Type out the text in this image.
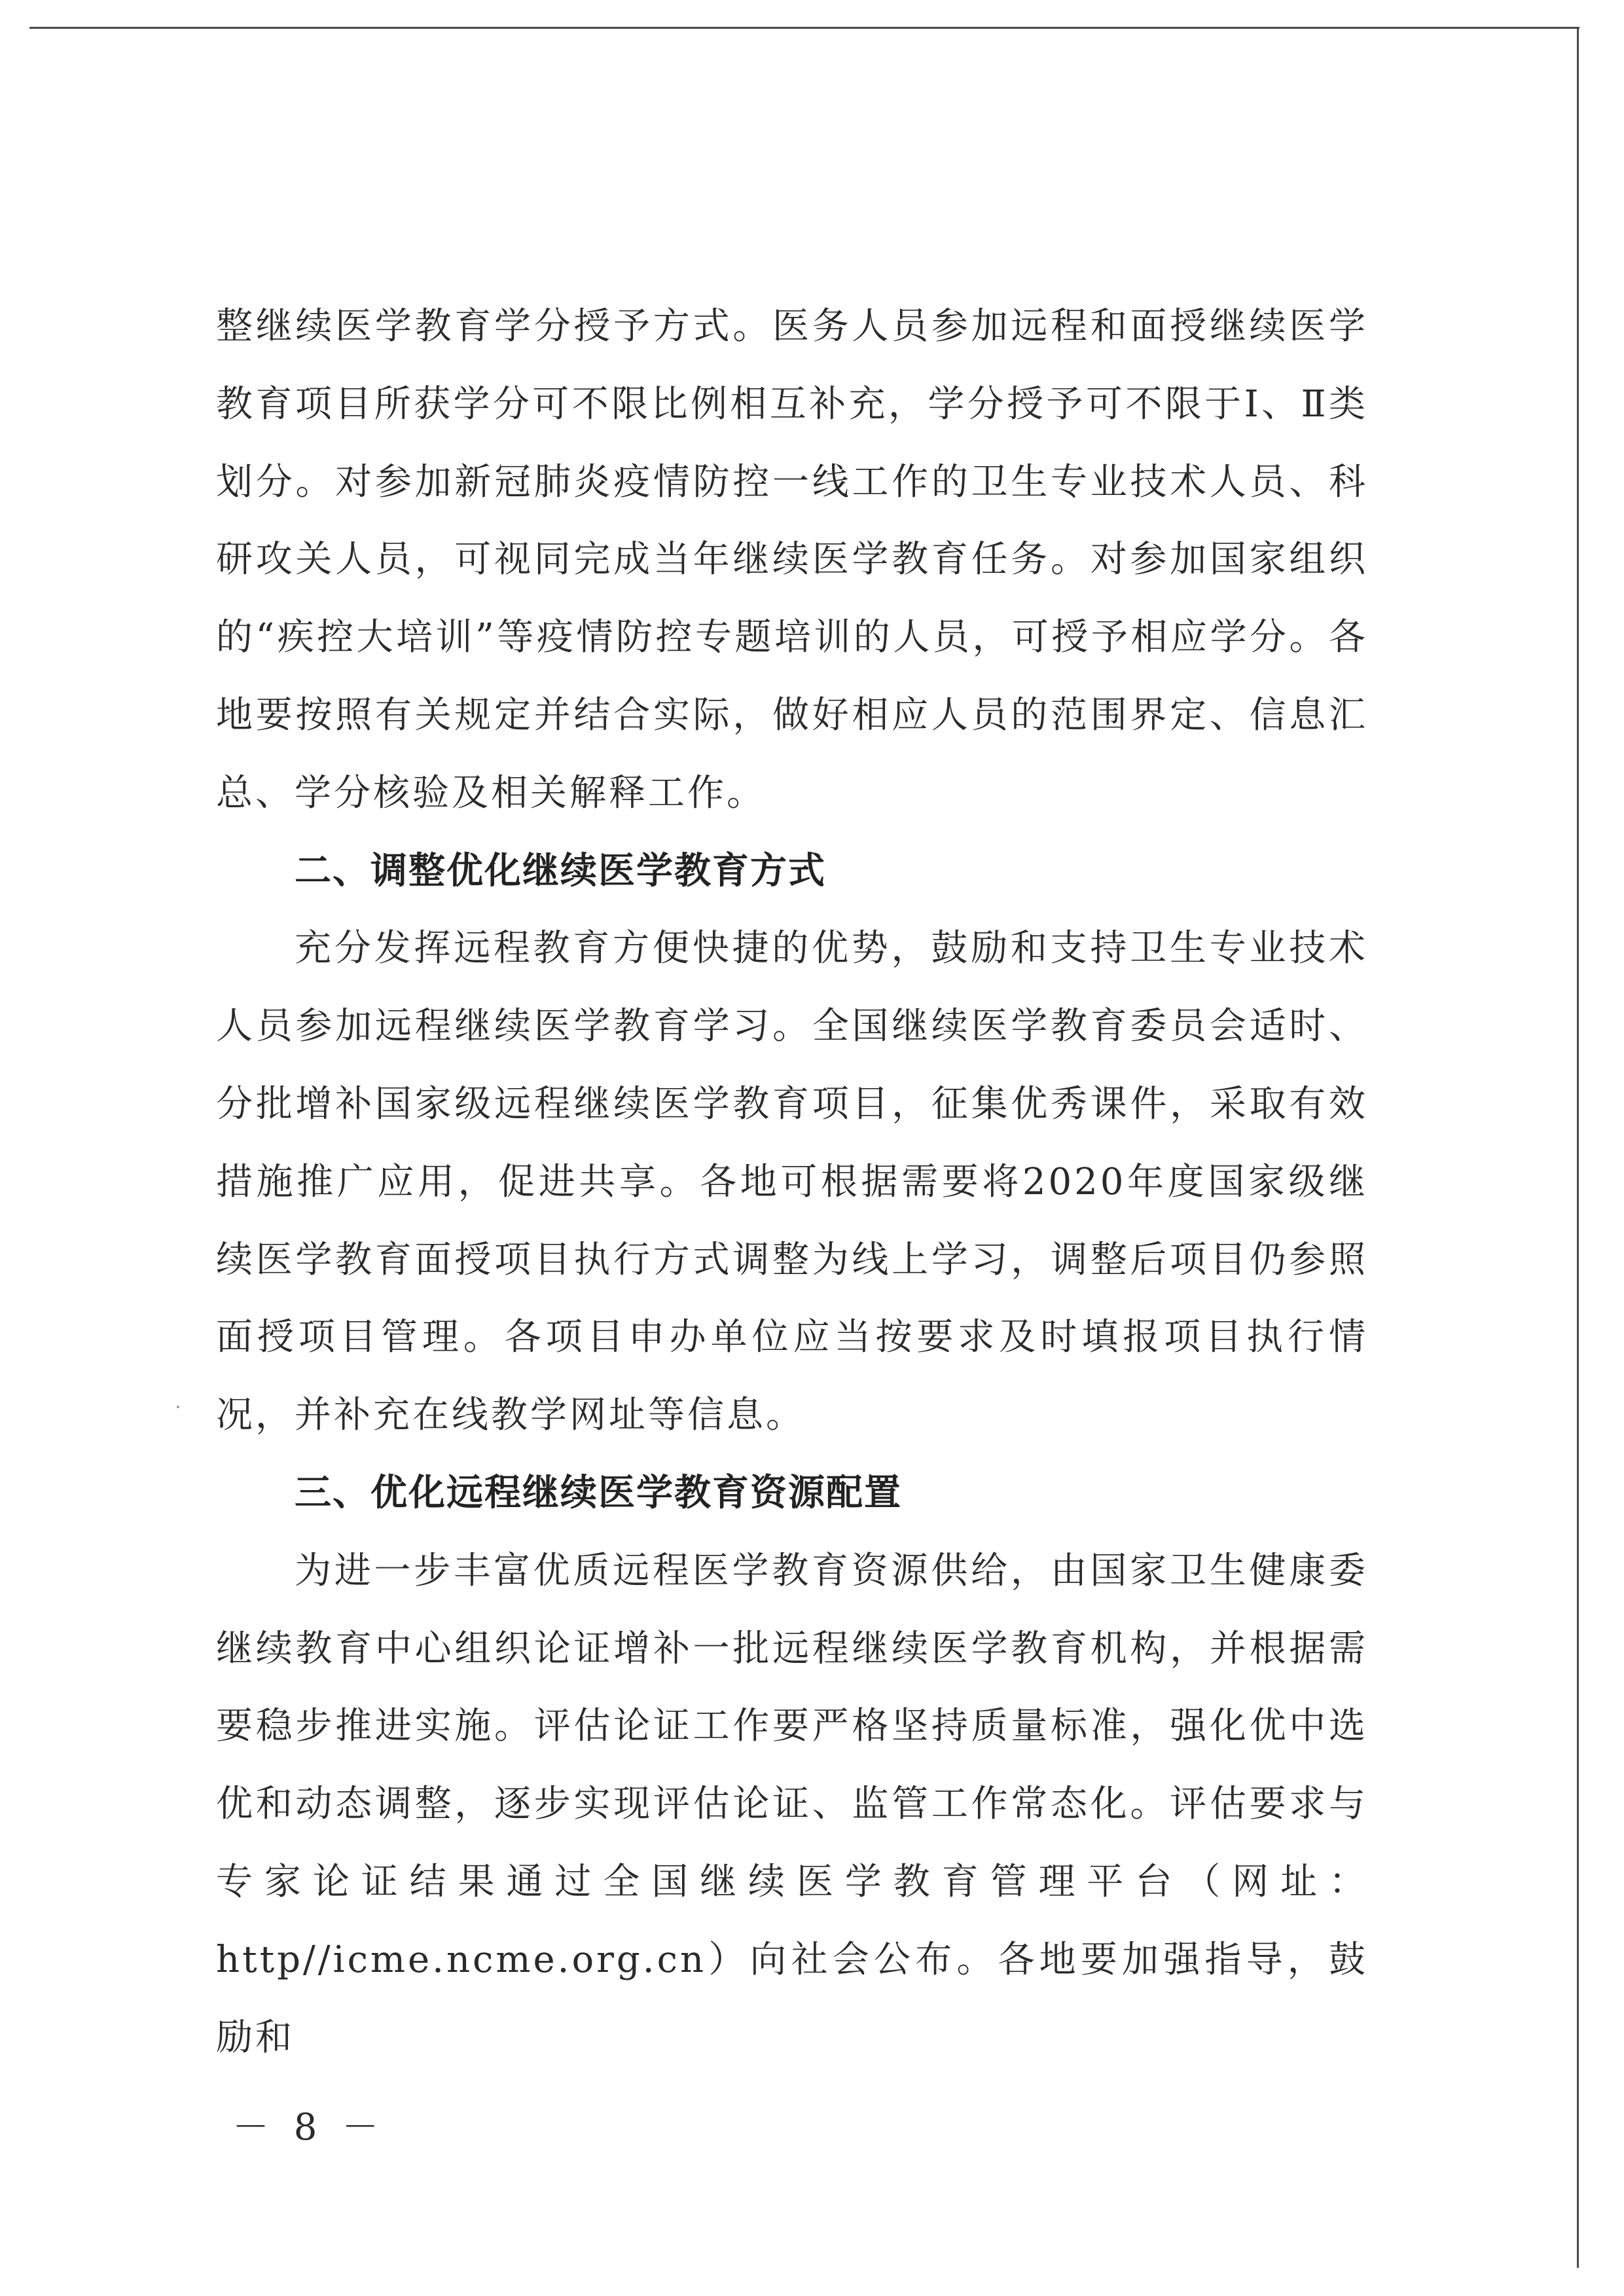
整继续医学教育学分授予方式。医务人员参加远程和面授继续医学教育项目所获学分可不限比例相互补充，学分授予可不限于Ⅰ、Ⅱ类划分。对参加新冠肺炎疫情防控一线工作的卫生专业技术人员、科研攻关人员，可视同完成当年继续医学教育任务。对参加国家组织的“疾控大培训”等疫情防控专题培训的人员，可授予相应学分。各地要按照有关规定并结合实际，做好相应人员的范围界定、信息汇总、学分核验及相关解释工作。

二、调整优化继续医学教育方式

充分发挥远程教育方便快捷的优势，鼓励和支持卫生专业技术人员参加远程继续医学教育学习。全国继续医学教育委员会适时、分批增补国家级远程继续医学教育项目，征集优秀课件，采取有效措施推广应用，促进共享。各地可根据需要将2020年度国家级继续医学教育面授项目执行方式调整为线上学习，调整后项目仍参照面授项目管理。各项目申办单位应当按要求及时填报项目执行情况，并补充在线教学网址等信息。

三、优化远程继续医学教育资源配置

为进一步丰富优质远程医学教育资源供给，由国家卫生健康委继续教育中心组织论证增补一批远程继续医学教育机构，并根据需要稳步推进实施。评估论证工作要严格坚持质量标准，强化优中选优和动态调整，逐步实现评估论证、监管工作常态化。评估要求与专家论证结果通过全国继续医学教育管理平台（网址：http//icme.ncme.org.cn）向社会公布。各地要加强指导，鼓励和

－ 8 －
